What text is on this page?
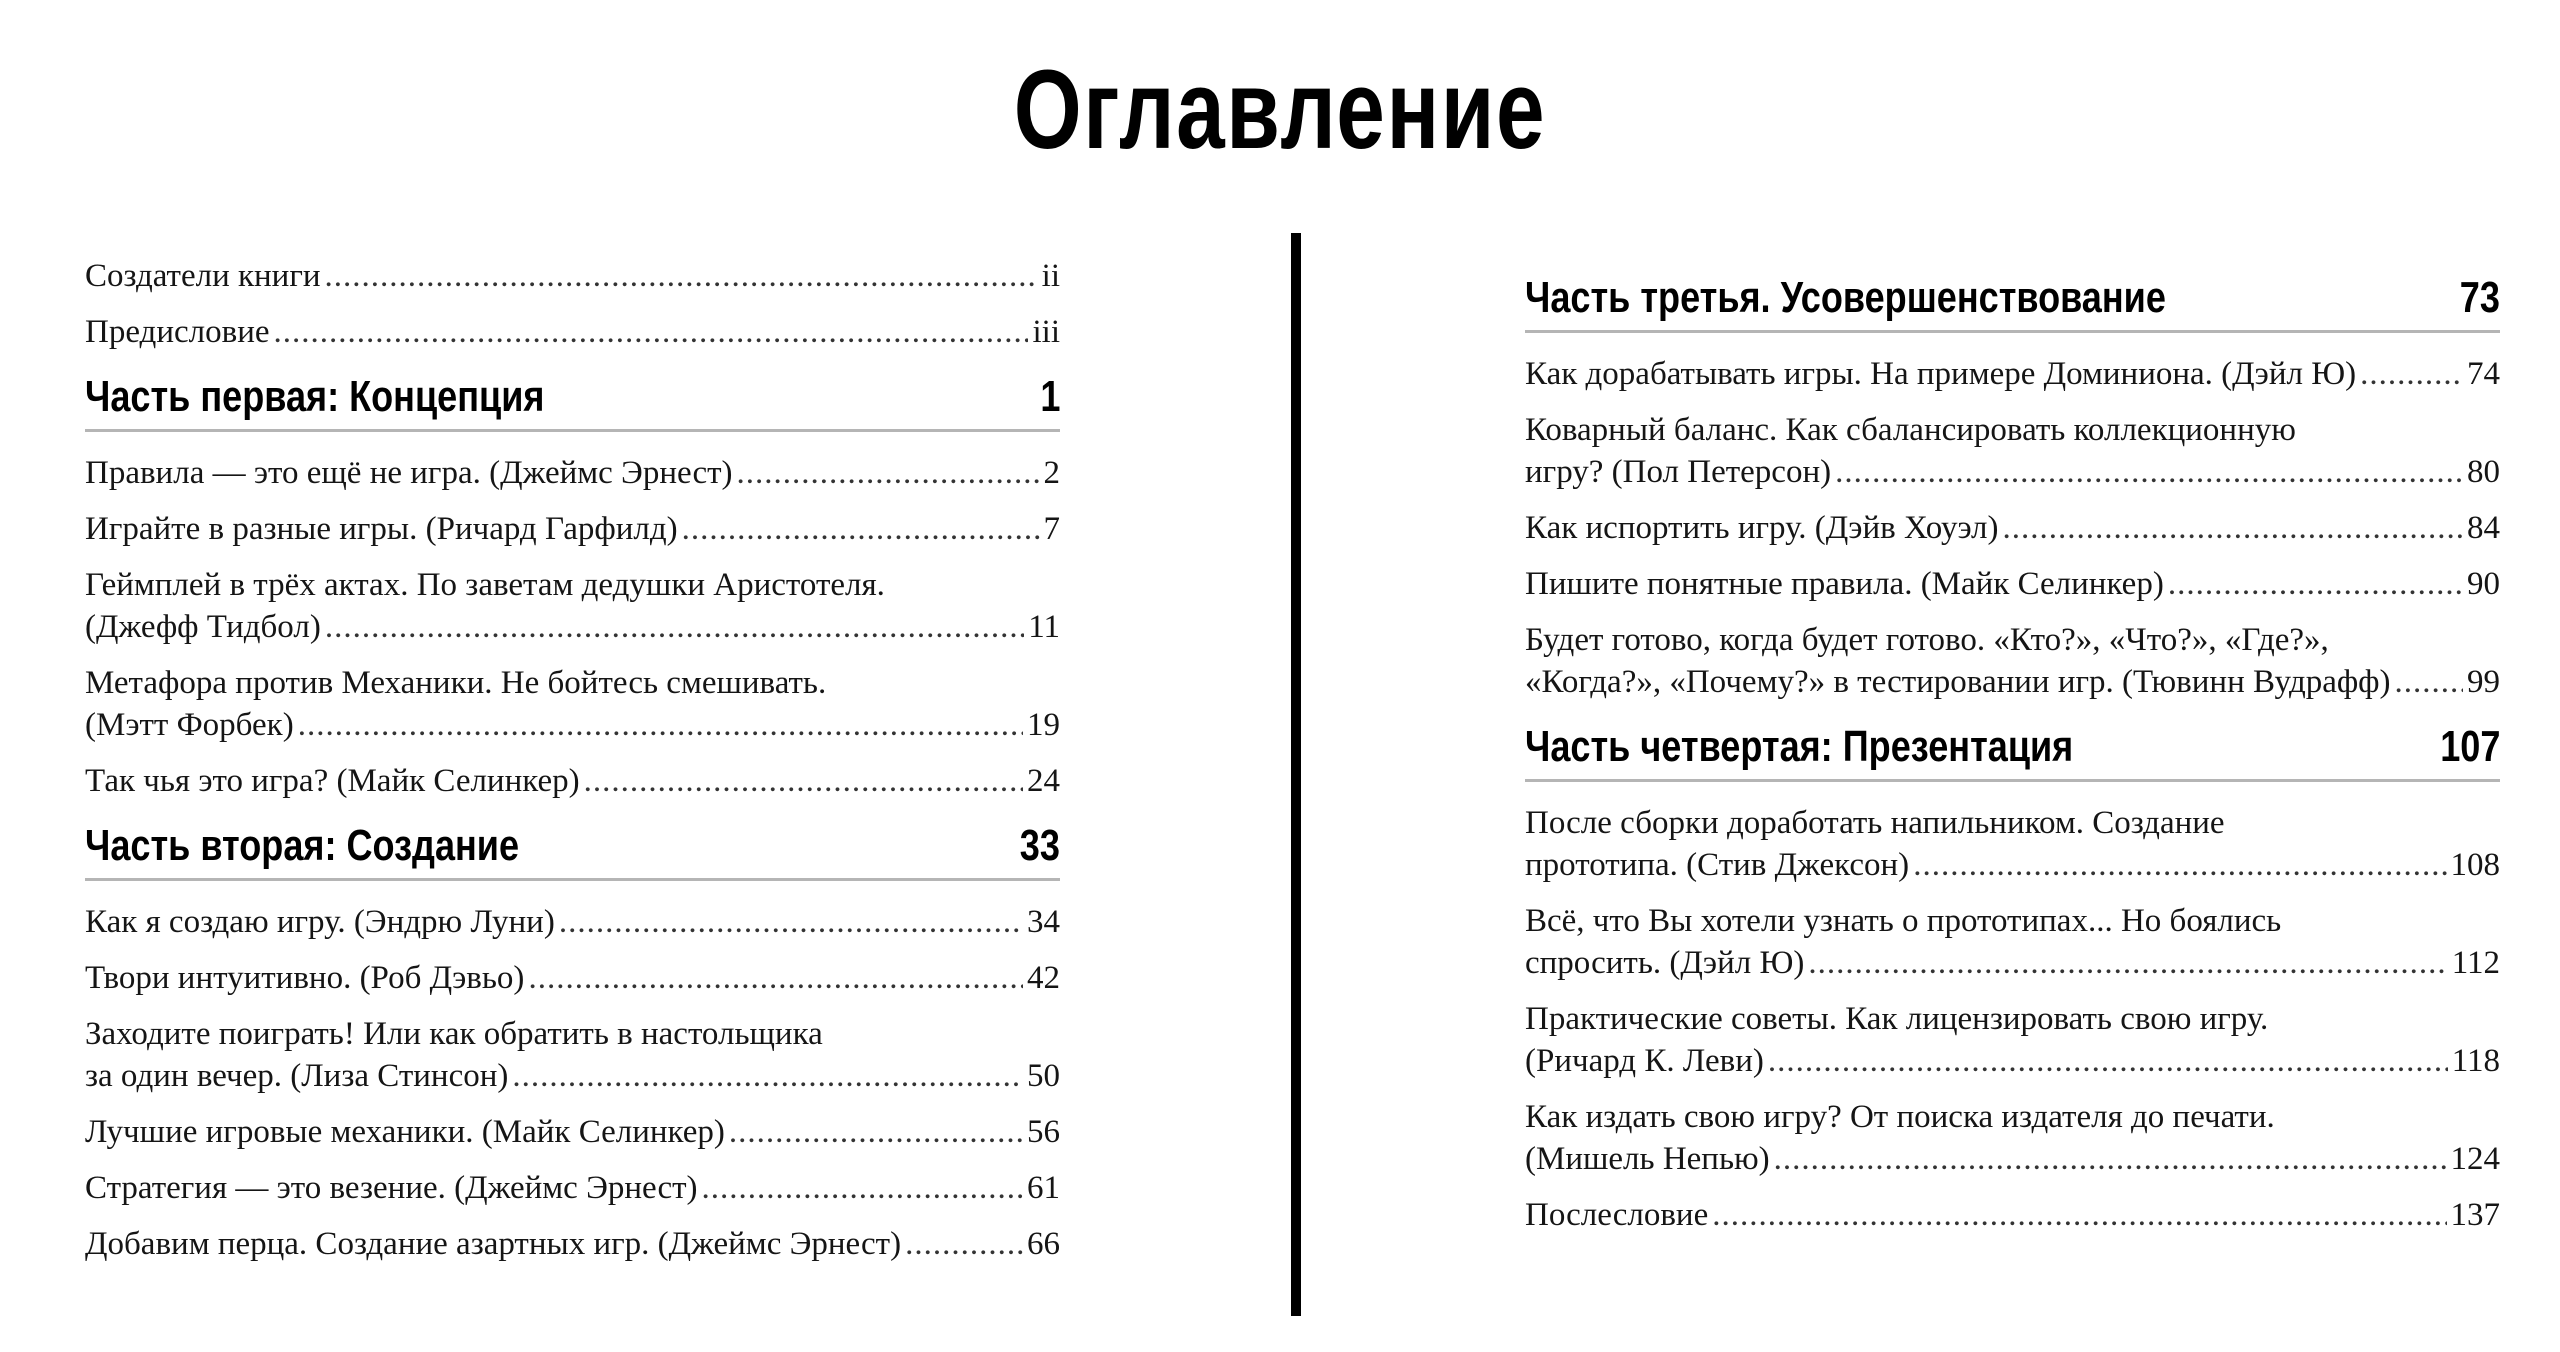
Оглавление
Создатели книги .....	ii
Предисловие .....	iii
Часть первая: Концепция	1
Правила — это ещё не игра. (Джеймс Эрнест) .....	2
Играйте в разные игры. (Ричард Гарфилд) .....	7
Геймплей в трёх актах. По заветам дедушки Аристотеля.
(Джефф Тидбол) .....	11
Метафора против Механики. Не бойтесь смешивать.
(Мэтт Форбек) .....	19
Так чья это игра? (Майк Селинкер) .....	24
Часть вторая: Создание	33
Как я создаю игру. (Эндрю Луни) .....	34
Твори интуитивно. (Роб Дэвьо) .....	42
Заходите поиграть! Или как обратить в настольщика
за один вечер. (Лиза Стинсон) .....	50
Лучшие игровые механики. (Майк Селинкер) .....	56
Стратегия — это везение. (Джеймс Эрнест) .....	61
Добавим перца. Создание азартных игр. (Джеймс Эрнест) .....	66
Часть третья. Усовершенствование	73
Как дорабатывать игры. На примере Доминиона. (Дэйл Ю) .....	74
Коварный баланс. Как сбалансировать коллекционную
игру? (Пол Петерсон) .....	80
Как испортить игру. (Дэйв Хоуэл) .....	84
Пишите понятные правила. (Майк Селинкер) .....	90
Будет готово, когда будет готово. «Кто?», «Что?», «Где?»,
«Когда?», «Почему?» в тестировании игр. (Тювинн Вудрафф) ..... 99
Часть четвертая: Презентация	107
После сборки доработать напильником. Создание
прототипа. (Стив Джексон) .....	108
Всё, что Вы хотели узнать о прототипах... Но боялись
спросить. (Дэйл Ю) .....	112
Практические советы. Как лицензировать свою игру.
(Ричард К. Леви) .....	118
Как издать свою игру? От поиска издателя до печати.
(Мишель Непью) .....	124
Послесловие .....	137
